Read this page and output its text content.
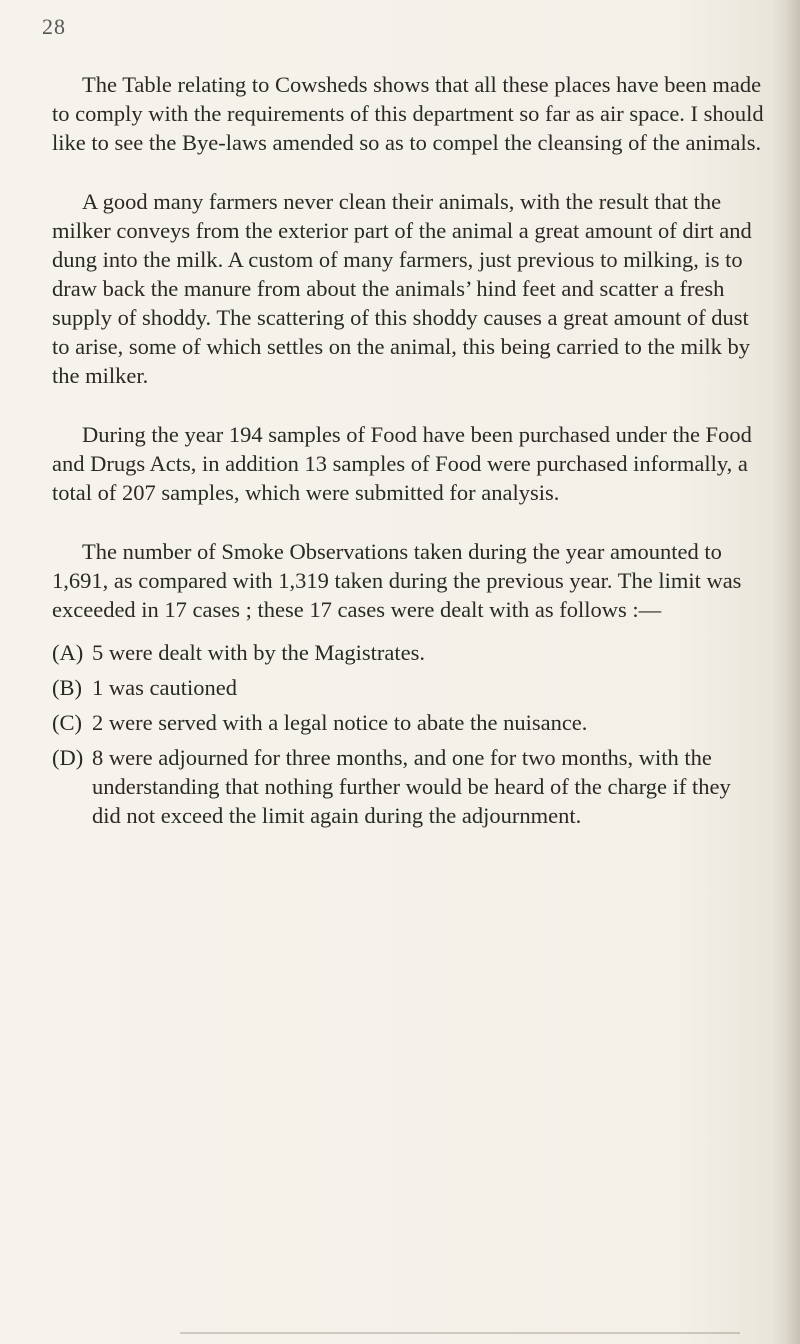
28

The Table relating to Cowsheds shows that all these places have been made to comply with the requirements of this department so far as air space. I should like to see the Bye-laws amended so as to compel the cleansing of the animals.

A good many farmers never clean their animals, with the result that the milker conveys from the exterior part of the animal a great amount of dirt and dung into the milk. A custom of many farmers, just previous to milking, is to draw back the manure from about the animals’ hind feet and scatter a fresh supply of shoddy. The scattering of this shoddy causes a great amount of dust to arise, some of which settles on the animal, this being carried to the milk by the milker.

During the year 194 samples of Food have been purchased under the Food and Drugs Acts, in addition 13 samples of Food were purchased informally, a total of 207 samples, which were submitted for analysis.

The number of Smoke Observations taken during the year amounted to 1,691, as compared with 1,319 taken during the previous year. The limit was exceeded in 17 cases ; these 17 cases were dealt with as follows :—

(A) 5 were dealt with by the Magistrates.
(B) 1 was cautioned
(C) 2 were served with a legal notice to abate the nuisance.
(D) 8 were adjourned for three months, and one for two months, with the understanding that nothing further would be heard of the charge if they did not exceed the limit again during the adjournment.
